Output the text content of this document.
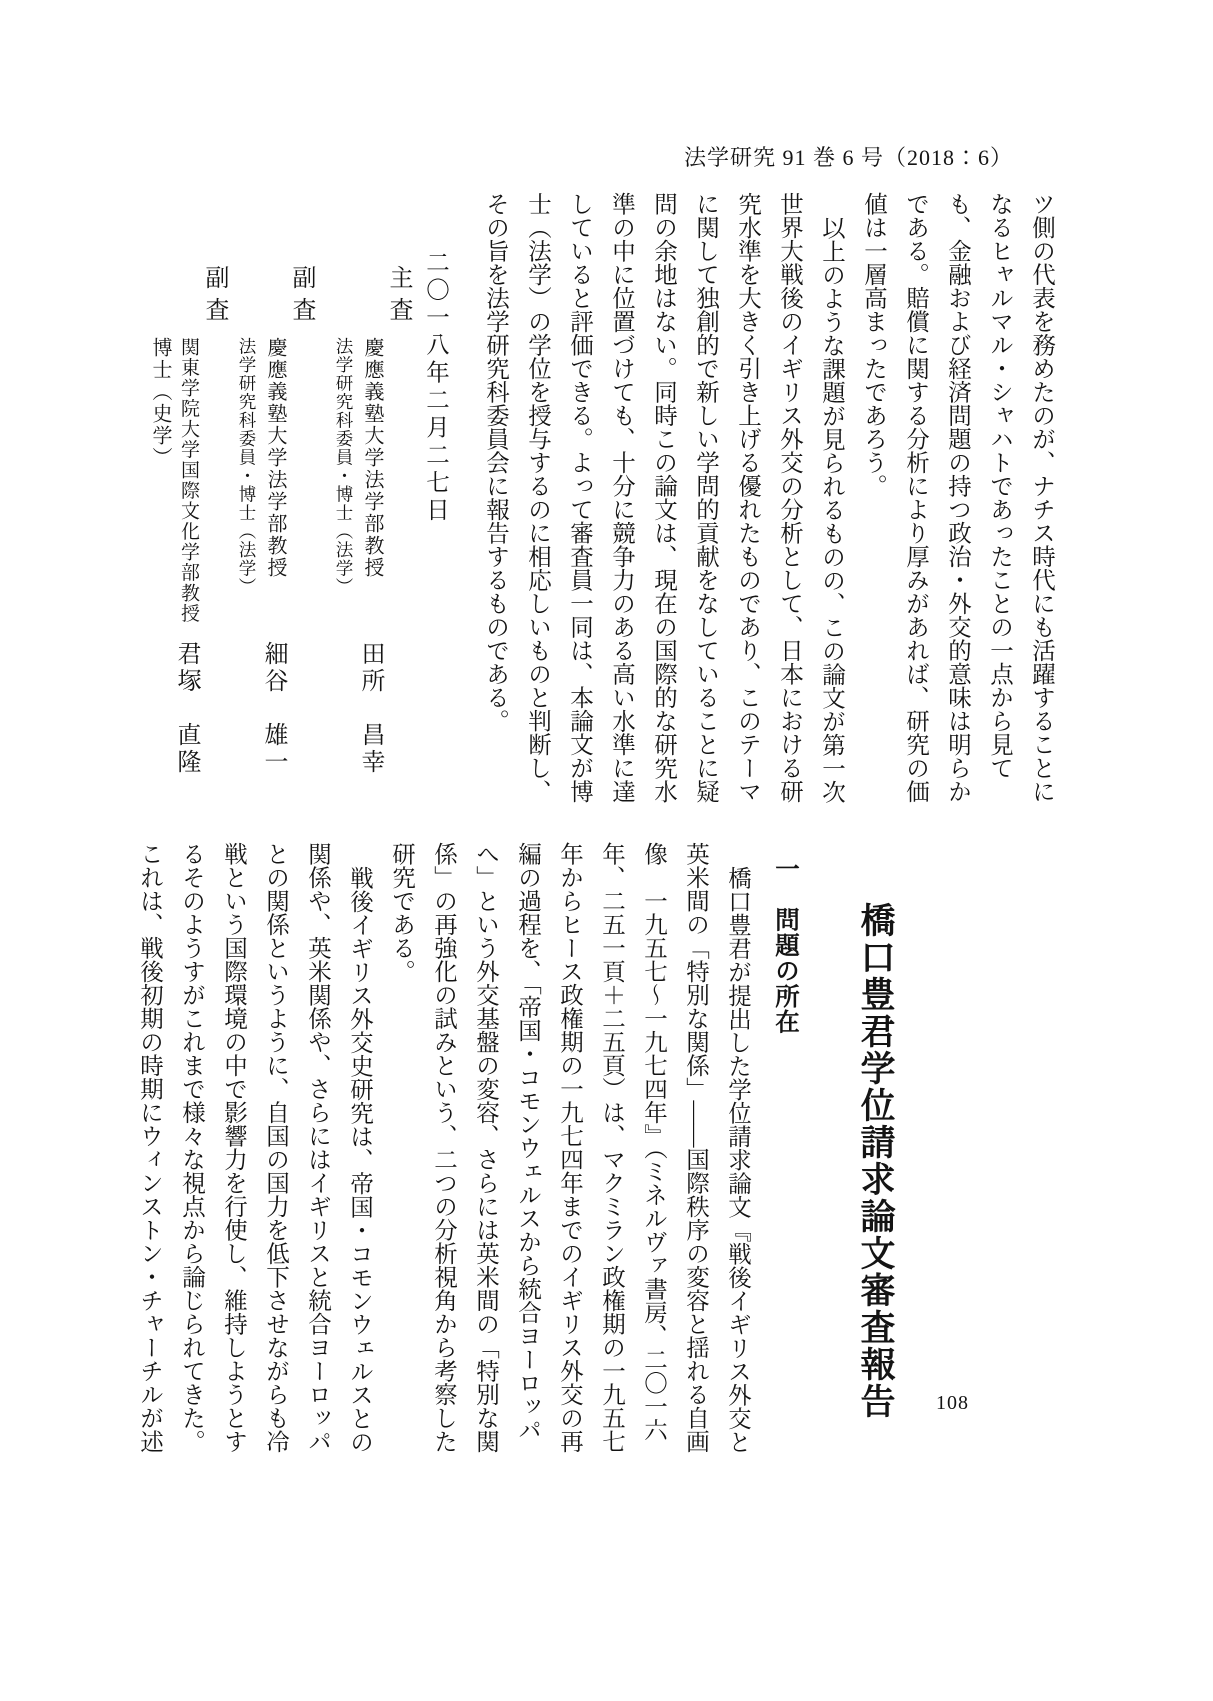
法学研究 91 巻 6 号（2018：6）

ツ側の代表を務めたのが、ナチス時代にも活躍することになるヒャルマル・シャハトであったことの一点から見ても、金融および経済問題の持つ政治・外交的意味は明らかである。賠償に関する分析により厚みがあれば、研究の価値は一層高まったであろう。

以上のような課題が見られるものの、この論文が第一次世界大戦後のイギリス外交の分析として、日本における研究水準を大きく引き上げる優れたものであり、このテーマに関して独創的で新しい学問的貢献をなしていることに疑問の余地はない。同時この論文は、現在の国際的な研究水準の中に位置づけても、十分に競争力のある高い水準に達していると評価できる。よって審査員一同は、本論文が博士（法学）の学位を授与するのに相応しいものと判断し、その旨を法学研究科委員会に報告するものである。

二〇一八年二月二七日

主査

慶應義塾大学法学部教授

法学研究科委員・博士（法学）

田所　昌幸

副査

慶應義塾大学法学部教授

法学研究科委員・博士（法学）

細谷　雄一

副査

関東学院大学国際文化学部教授

博士（史学）

君塚　直隆

橋口豊君学位請求論文審査報告
一　問題の所在

橋口豊君が提出した学位請求論文『戦後イギリス外交と英米間の「特別な関係」――国際秩序の変容と揺れる自画像　一九五七～一九七四年』（ミネルヴァ書房、二〇一六年、二五一頁＋二五頁）は、マクミラン政権期の一九五七年からヒース政権期の一九七四年までのイギリス外交の再編の過程を、「帝国・コモンウェルスから統合ヨーロッパへ」という外交基盤の変容、さらには英米間の「特別な関係」の再強化の試みという、二つの分析視角から考察した研究である。

戦後イギリス外交史研究は、帝国・コモンウェルスとの関係や、英米関係や、さらにはイギリスと統合ヨーロッパとの関係というように、自国の国力を低下させながらも冷戦という国際環境の中で影響力を行使し、維持しようとするそのようすがこれまで様々な視点から論じられてきた。これは、戦後初期の時期にウィンストン・チャーチルが述	108
